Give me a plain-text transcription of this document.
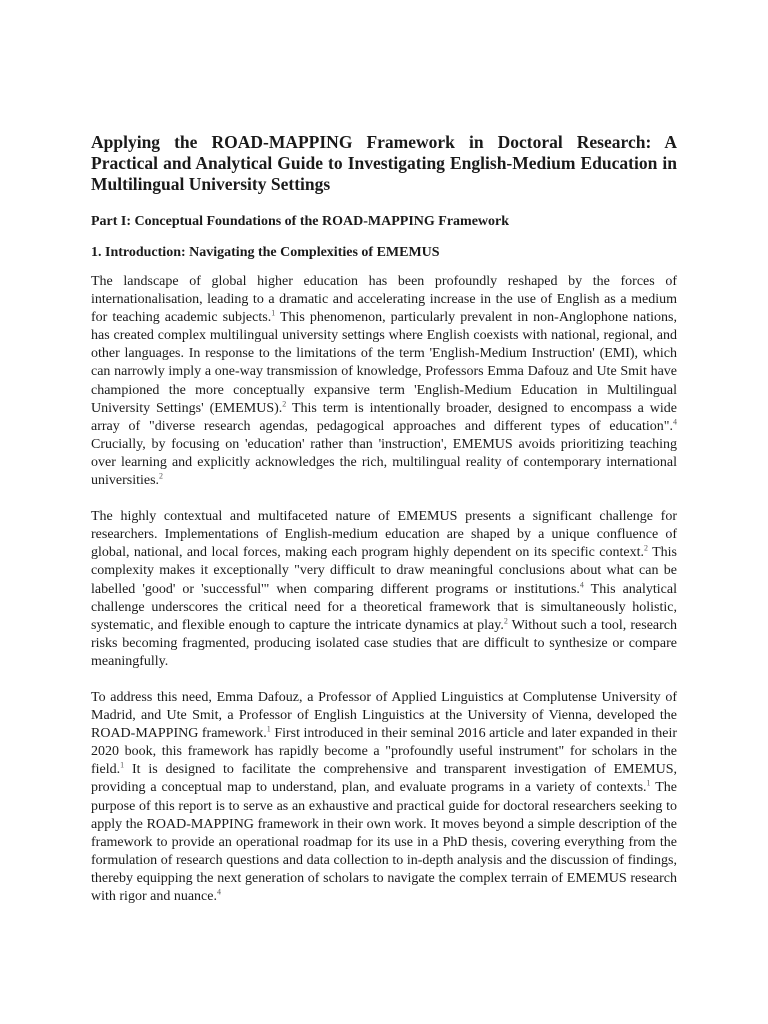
Applying the ROAD-MAPPING Framework in Doctoral Research: A Practical and Analytical Guide to Investigating English-Medium Education in Multilingual University Settings
Part I: Conceptual Foundations of the ROAD-MAPPING Framework
1. Introduction: Navigating the Complexities of EMEMUS

The landscape of global higher education has been profoundly reshaped by the forces of internationalisation, leading to a dramatic and accelerating increase in the use of English as a medium for teaching academic subjects.$^1$ This phenomenon, particularly prevalent in non-Anglophone nations, has created complex multilingual university settings where English coexists with national, regional, and other languages. In response to the limitations of the term 'English-Medium Instruction' (EMI), which can narrowly imply a one-way transmission of knowledge, Professors Emma Dafouz and Ute Smit have championed the more conceptually expansive term 'English-Medium Education in Multilingual University Settings' (EMEMUS).$^2$ This term is intentionally broader, designed to encompass a wide array of "diverse research agendas, pedagogical approaches and different types of education".$^4$ Crucially, by focusing on 'education' rather than 'instruction', EMEMUS avoids prioritizing teaching over learning and explicitly acknowledges the rich, multilingual reality of contemporary international universities.$^2$

The highly contextual and multifaceted nature of EMEMUS presents a significant challenge for researchers. Implementations of English-medium education are shaped by a unique confluence of global, national, and local forces, making each program highly dependent on its specific context.$^2$ This complexity makes it exceptionally "very difficult to draw meaningful conclusions about what can be labelled 'good' or 'successful'" when comparing different programs or institutions.$^4$ This analytical challenge underscores the critical need for a theoretical framework that is simultaneously holistic, systematic, and flexible enough to capture the intricate dynamics at play.$^2$ Without such a tool, research risks becoming fragmented, producing isolated case studies that are difficult to synthesize or compare meaningfully.

To address this need, Emma Dafouz, a Professor of Applied Linguistics at Complutense University of Madrid, and Ute Smit, a Professor of English Linguistics at the University of Vienna, developed the ROAD-MAPPING framework.$^1$ First introduced in their seminal 2016 article and later expanded in their 2020 book, this framework has rapidly become a "profoundly useful instrument" for scholars in the field.$^1$ It is designed to facilitate the comprehensive and transparent investigation of EMEMUS, providing a conceptual map to understand, plan, and evaluate programs in a variety of contexts.$^1$ The purpose of this report is to serve as an exhaustive and practical guide for doctoral researchers seeking to apply the ROAD-MAPPING framework in their own work. It moves beyond a simple description of the framework to provide an operational roadmap for its use in a PhD thesis, covering everything from the formulation of research questions and data collection to in-depth analysis and the discussion of findings, thereby equipping the next generation of scholars to navigate the complex terrain of EMEMUS research with rigor and nuance.$^4$
